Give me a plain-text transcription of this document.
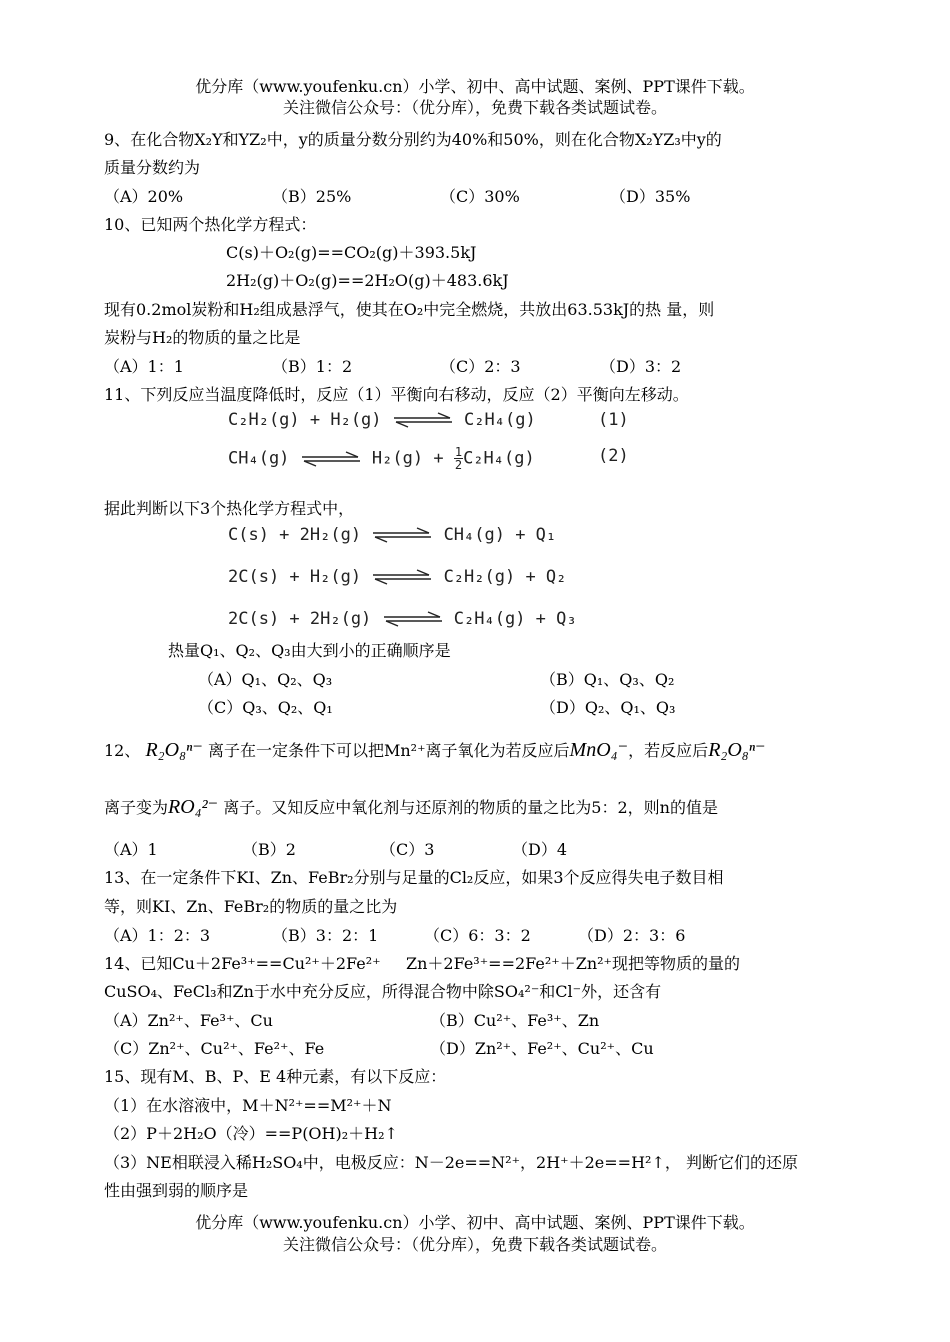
优分库（www.youfenku.cn）小学、初中、高中试题、案例、PPT课件下载。
关注微信公众号：（优分库），免费下载各类试题试卷。
9、在化合物X₂Y和YZ₂中，y的质量分数分别约为40%和50%，则在化合物X₂YZ₃中y的
质量分数约为
（A）20%	（B）25%	（C）30%	（D）35%
10、已知两个热化学方程式：
C(s)＋O₂(g)==CO₂(g)＋393.5kJ
2H₂(g)＋O₂(g)==2H₂O(g)＋483.6kJ
现有0.2mol炭粉和H₂组成悬浮气，使其在O₂中完全燃烧，共放出63.53kJ的热 量，则
炭粉与H₂的物质的量之比是
（A）1：1	（B）1：2	（C）2：3	（D）3：2
11、下列反应当温度降低时，反应（1）平衡向右移动，反应（2）平衡向左移动。
C₂H₂(g) + H₂(g)	C₂H₄(g)	(1)
CH₄(g)	$H_2(g) + \frac{1}{2} C_2H_4(g)$	(2)
据此判断以下3个热化学方程式中，
C(s) + 2H₂(g)	CH₄(g) + Q₁
2C(s) + H₂(g)	C₂H₂(g) + Q₂
2C(s) + 2H₂(g)	C₂H₄(g) + Q₃
热量Q₁、Q₂、Q₃由大到小的正确顺序是
（A）Q₁、Q₂、Q₃	（B）Q₁、Q₃、Q₂
（C）Q₃、Q₂、Q₁	（D）Q₂、Q₁、Q₃
12、 R₂O₈ⁿ⁻ 离子在一定条件下可以把Mn²⁺离子氧化为若反应后MnO₄⁻，若反应后R₂O₈ⁿ⁻
离子变为RO₄²⁻ 离子。又知反应中氧化剂与还原剂的物质的量之比为5：2，则n的值是
（A）1	（B）2	（C）3	（D）4
13、在一定条件下KI、Zn、FeBr₂分别与足量的Cl₂反应，如果3个反应得失电子数目相
等，则KI、Zn、FeBr₂的物质的量之比为
（A）1：2：3	（B）3：2：1	（C）6：3：2	（D）2：3：6
14、已知Cu＋2Fe³⁺==Cu²⁺＋2Fe²⁺ Zn＋2Fe³⁺==2Fe²⁺＋Zn²⁺现把等物质的量的
CuSO₄、FeCl₃和Zn于水中充分反应，所得混合物中除SO₄²⁻和Cl⁻外，还含有
（A）Zn²⁺、Fe³⁺、Cu	（B）Cu²⁺、Fe³⁺、Zn
（C）Zn²⁺、Cu²⁺、Fe²⁺、Fe	（D）Zn²⁺、Fe²⁺、Cu²⁺、Cu
15、现有M、B、P、E 4种元素，有以下反应：
（1）在水溶液中，M＋N²⁺==M²⁺＋N
（2）P＋2H₂O（冷）==P(OH)₂＋H₂↑
（3）NE相联浸入稀H₂SO₄中，电极反应：N－2e==N²⁺，2H⁺＋2e==H²↑， 判断它们的还原
性由强到弱的顺序是
优分库（www.youfenku.cn）小学、初中、高中试题、案例、PPT课件下载。
关注微信公众号：（优分库），免费下载各类试题试卷。
